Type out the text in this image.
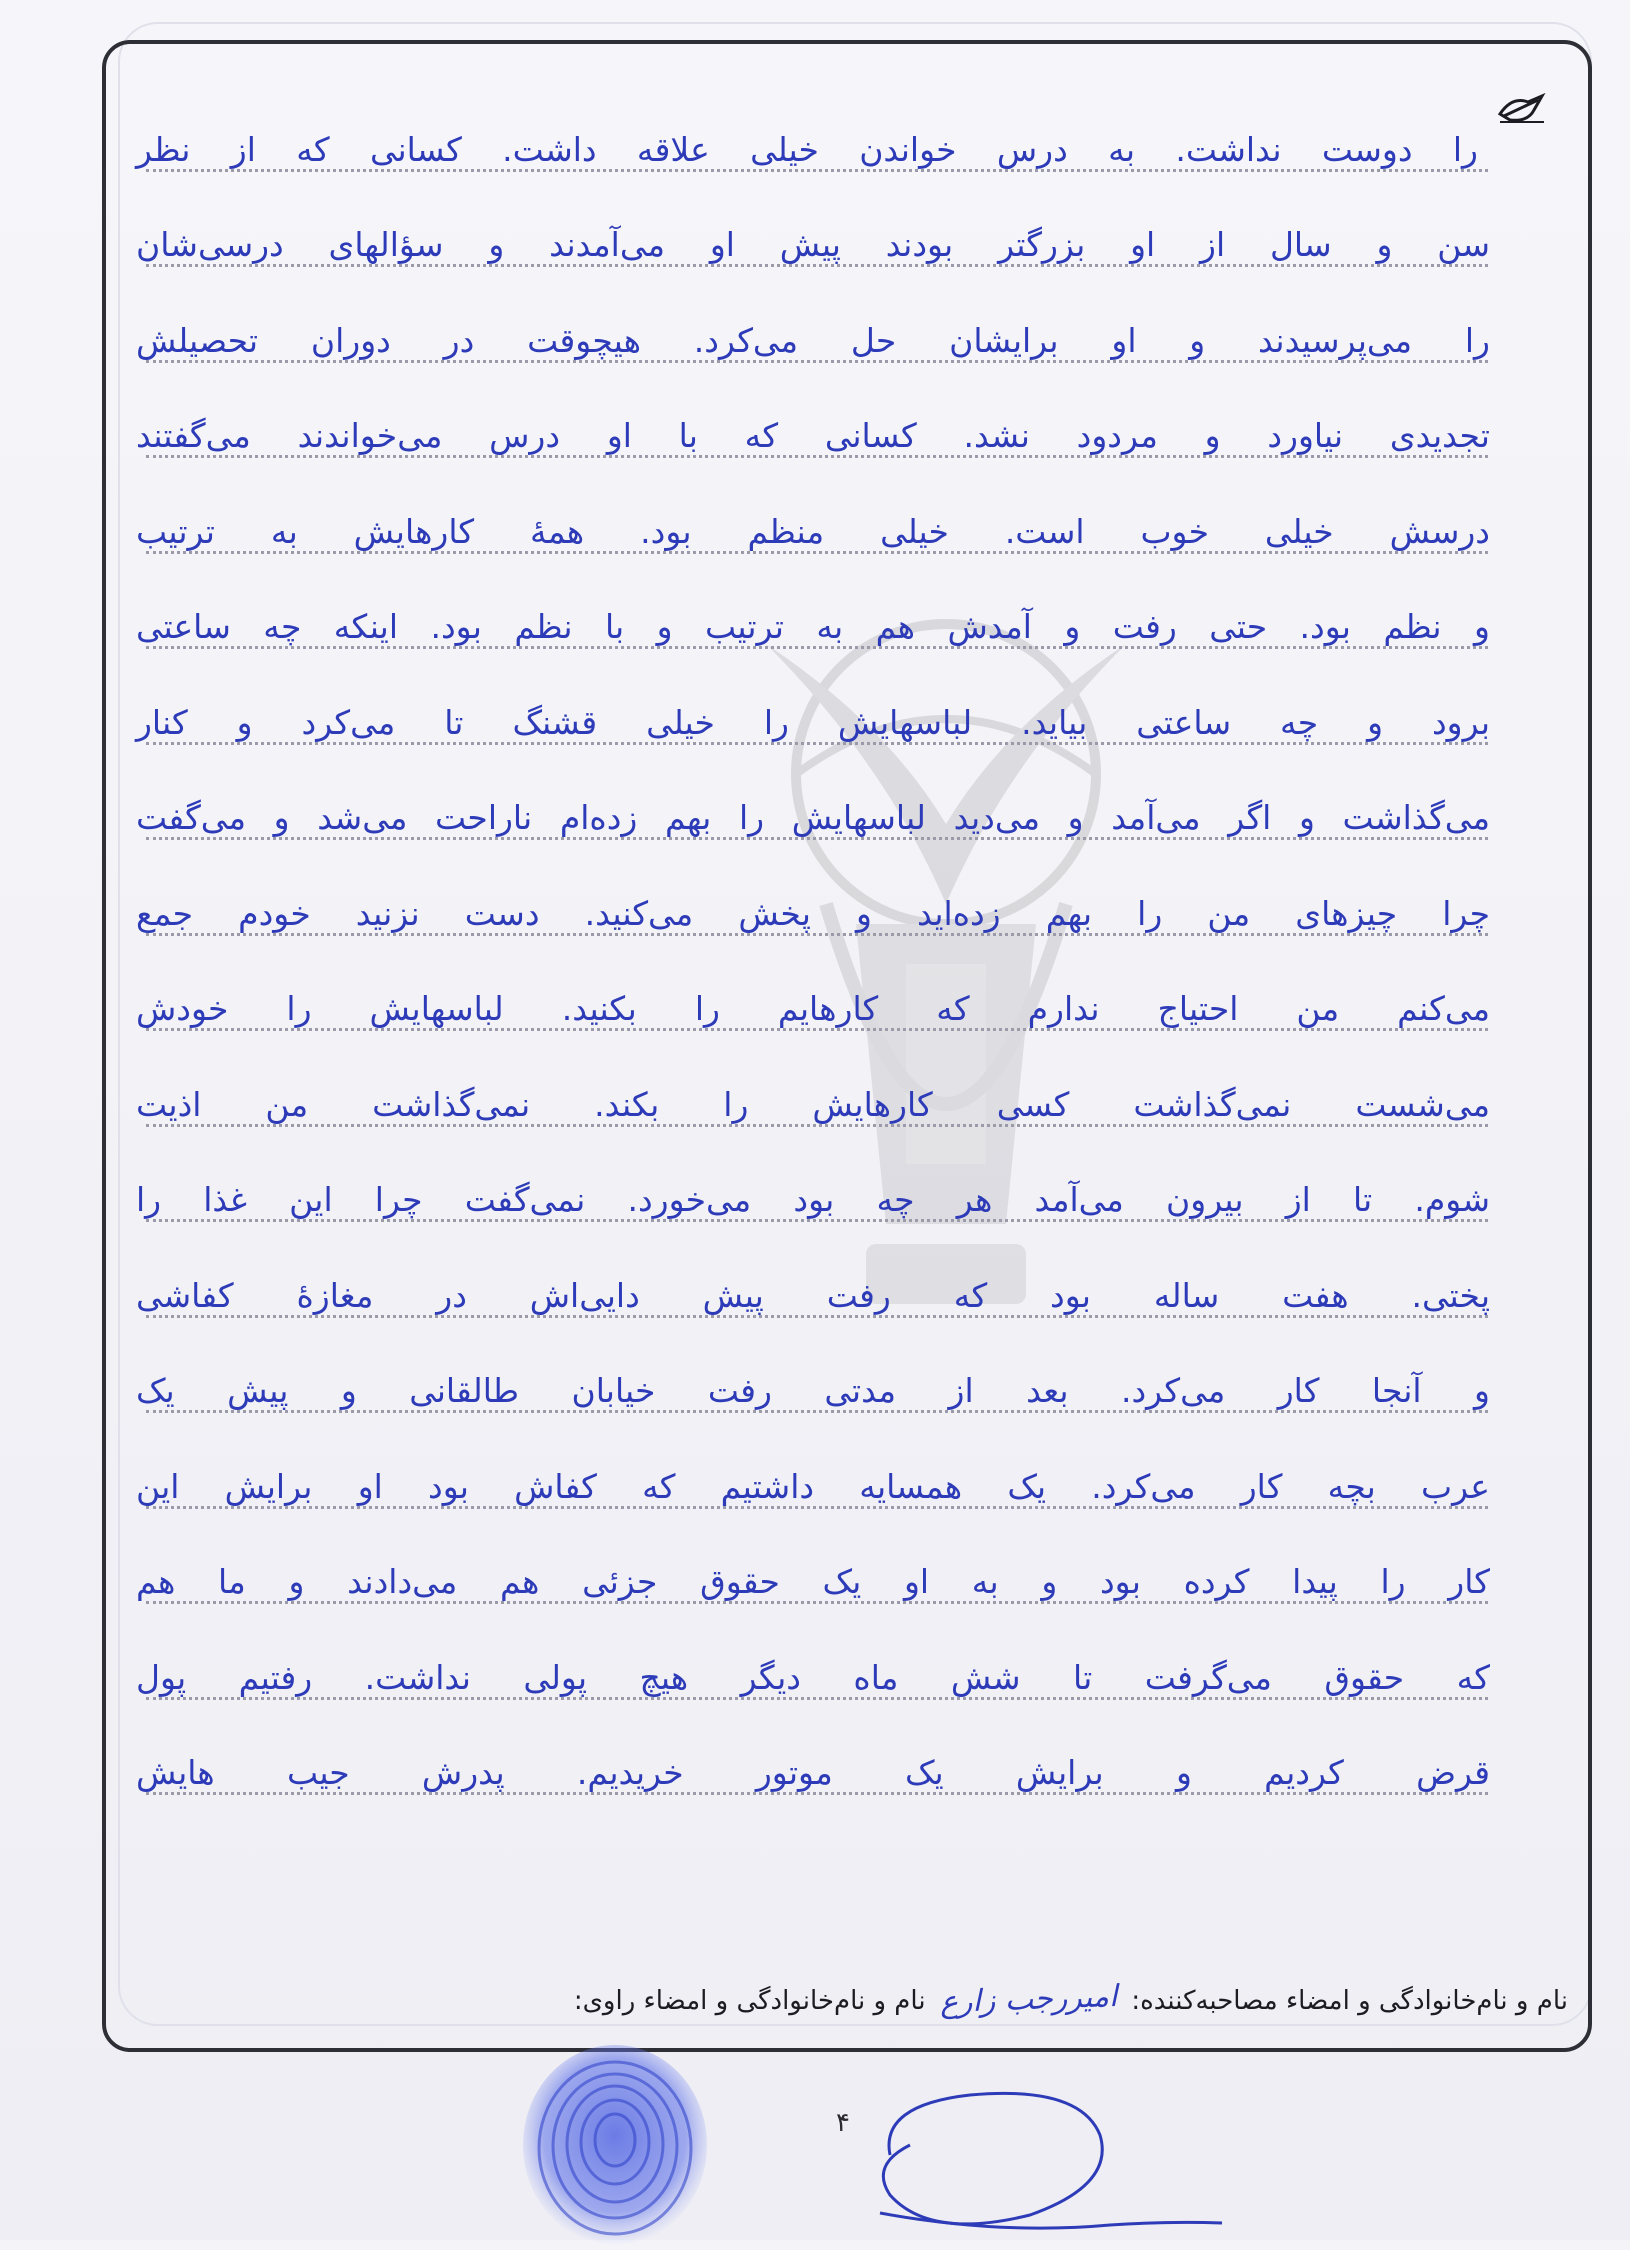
را دوست نداشت. به درس خواندن خیلی علاقه داشت. کسانی که از نظر
سن و سال از او بزرگتر بودند پیش او می‌آمدند و سؤالهای درسی‌شان
را می‌پرسیدند و او برایشان حل می‌کرد. هیچوقت در دوران تحصیلش
تجدیدی نیاورد و مردود نشد. کسانی که با او درس می‌خواندند می‌گفتند
درسش خیلی خوب است. خیلی منظم بود. همهٔ کارهایش به ترتیب
و نظم بود. حتی رفت و آمدش هم به ترتیب و با نظم بود. اینکه چه ساعتی
برود و چه ساعتی بیاید. لباسهایش را خیلی قشنگ تا می‌کرد و کنار
می‌گذاشت و اگر می‌آمد و می‌دید لباسهایش را بهم زده‌ام ناراحت می‌شد و می‌گفت
چرا چیزهای من را بهم زده‌اید و پخش می‌کنید. دست نزنید خودم جمع
می‌کنم من احتیاج ندارم که کارهایم را بکنید. لباسهایش را خودش
می‌شست نمی‌گذاشت کسی کارهایش را بکند. نمی‌گذاشت من اذیت
شوم. تا از بیرون می‌آمد هر چه بود می‌خورد. نمی‌گفت چرا این غذا را
پختی. هفت ساله بود که رفت پیش دایی‌اش در مغازهٔ کفاشی
و آنجا کار می‌کرد. بعد از مدتی رفت خیابان طالقانی و پیش یک
عرب بچه کار می‌کرد. یک همسایه داشتیم که کفاش بود او برایش این
کار را پیدا کرده بود و به او یک حقوق جزئی هم می‌دادند و ما هم
که حقوق می‌گرفت تا شش ماه دیگر هیچ پولی نداشت. رفتیم پول
قرض کردیم و برایش یک موتور خریدیم. پدرش جیب هایش
نام و نام‌خانوادگی و امضاء مصاحبه‌کننده: امیررجب زارع نام و نام‌خانوادگی و امضاء راوی:
۴
